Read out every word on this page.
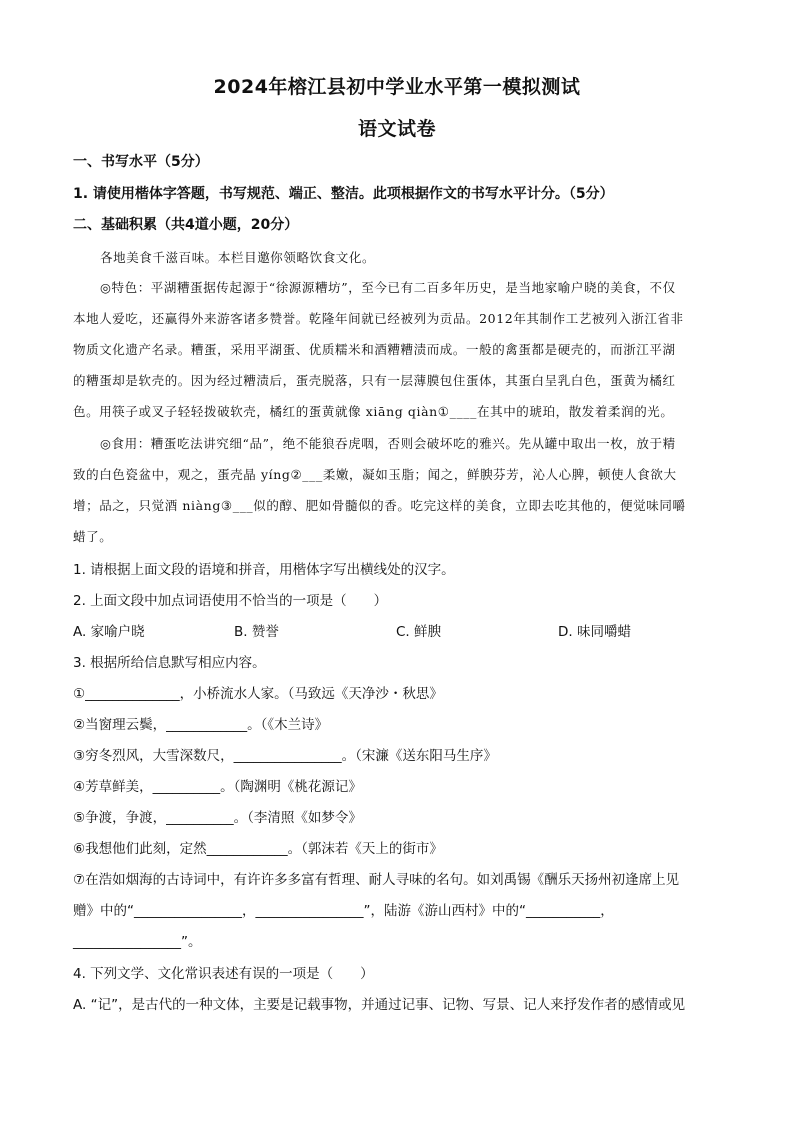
2024年榕江县初中学业水平第一模拟测试
语文试卷
一、书写水平（5分）
1. 请使用楷体字答题，书写规范、端正、整洁。此项根据作文的书写水平计分。（5分）
二、基础积累（共4道小题，20分）
各地美食千滋百味。本栏目邀你领略饮食文化。
◎特色：平湖糟蛋据传起源于“徐源源糟坊”，至今已有二百多年历史，是当地家喻户晓的美食，不仅
本地人爱吃，还赢得外来游客诸多赞誉。乾隆年间就已经被列为贡品。2012年其制作工艺被列入浙江省非
物质文化遗产名录。糟蛋，采用平湖蛋、优质糯米和酒糟糟渍而成。一般的禽蛋都是硬壳的，而浙江平湖
的糟蛋却是软壳的。因为经过糟渍后，蛋壳脱落，只有一层薄膜包住蛋体，其蛋白呈乳白色，蛋黄为橘红
色。用筷子或叉子轻轻拨破软壳，橘红的蛋黄就像 xiāng qiàn①____在其中的琥珀，散发着柔润的光。
◎食用：糟蛋吃法讲究细“品”，绝不能狼吞虎咽，否则会破坏吃的雅兴。先从罐中取出一枚，放于精
致的白色瓷盆中，观之，蛋壳晶 yíng②___柔嫩，凝如玉脂；闻之，鲜腴芬芳，沁人心脾，顿使人食欲大
增；品之，只觉酒 niàng③___似的醇、肥如骨髓似的香。吃完这样的美食，立即去吃其他的，便觉味同嚼
蜡了。
1. 请根据上面文段的语境和拼音，用楷体字写出横线处的汉字。
2. 上面文段中加点词语使用不恰当的一项是（　　）
A. 家喻户晓	B. 赞誉	C. 鲜腴	D. 味同嚼蜡
3. 根据所给信息默写相应内容。
①______________，小桥流水人家。（马致远《天净沙・秋思》
②当窗理云鬓，____________。（《木兰诗》
③穷冬烈风，大雪深数尺，________________。（宋濂《送东阳马生序》
④芳草鲜美，__________。（陶渊明《桃花源记》
⑤争渡，争渡，__________。（李清照《如梦令》
⑥我想他们此刻，定然____________。（郭沫若《天上的街市》
⑦在浩如烟海的古诗词中，有许许多多富有哲理、耐人寻味的名句。如刘禹锡《酬乐天扬州初逢席上见
赠》中的“________________，________________”，陆游《游山西村》中的“___________，
________________”。
4. 下列文学、文化常识表述有误的一项是（　　）
A. “记”，是古代的一种文体，主要是记载事物，并通过记事、记物、写景、记人来抒发作者的感情或见
